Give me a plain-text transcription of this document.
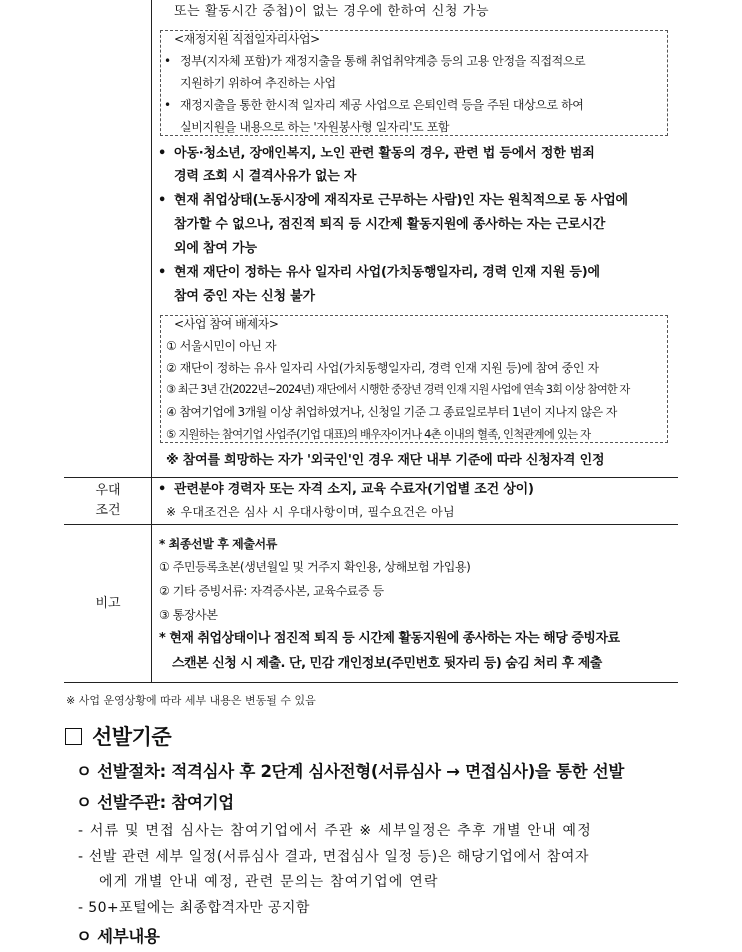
또는 활동시간 중첩)이 없는 경우에 한하여 신청 가능
<재정지원 직접일자리사업>
• 정부(지자체 포함)가 재정지출을 통해 취업취약계층 등의 고용 안정을 직접적으로
지원하기 위하여 추진하는 사업
• 재정지출을 통한 한시적 일자리 제공 사업으로 은퇴인력 등을 주된 대상으로 하여
실비지원을 내용으로 하는 '자원봉사형 일자리'도 포함
• 아동·청소년, 장애인복지, 노인 관련 활동의 경우, 관련 법 등에서 정한 범죄
경력 조회 시 결격사유가 없는 자
• 현재 취업상태(노동시장에 재직자로 근무하는 사람)인 자는 원칙적으로 동 사업에
참가할 수 없으나, 점진적 퇴직 등 시간제 활동지원에 종사하는 자는 근로시간
외에 참여 가능
• 현재 재단이 정하는 유사 일자리 사업(가치동행일자리, 경력 인재 지원 등)에
참여 중인 자는 신청 불가
<사업 참여 배제자>
① 서울시민이 아닌 자
② 재단이 정하는 유사 일자리 사업(가치동행일자리, 경력 인재 지원 등)에 참여 중인 자
③ 최근 3년 간(2022년~2024년) 재단에서 시행한 중장년 경력 인재 지원 사업에 연속 3회 이상 참여한 자
④ 참여기업에 3개월 이상 취업하였거나, 신청일 기준 그 종료일로부터 1년이 지나지 않은 자
⑤ 지원하는 참여기업 사업주(기업 대표)의 배우자이거나 4촌 이내의 혈족, 인척관계에 있는 자
※ 참여를 희망하는 자가 '외국인'인 경우 재단 내부 기준에 따라 신청자격 인정
우대
조건
• 관련분야 경력자 또는 자격 소지, 교육 수료자(기업별 조건 상이)
※ 우대조건은 심사 시 우대사항이며, 필수요건은 아님
비고
* 최종선발 후 제출서류
① 주민등록초본(생년월일 및 거주지 확인용, 상해보험 가입용)
② 기타 증빙서류: 자격증사본, 교육수료증 등
③ 통장사본
* 현재 취업상태이나 점진적 퇴직 등 시간제 활동지원에 종사하는 자는 해당 증빙자료
스캔본 신청 시 제출. 단, 민감 개인정보(주민번호 뒷자리 등) 숨김 처리 후 제출
※ 사업 운영상황에 따라 세부 내용은 변동될 수 있음
선발기준
ㅇ 선발절차: 적격심사 후 2단계 심사전형(서류심사 → 면접심사)을 통한 선발
ㅇ 선발주관: 참여기업
- 서류 및 면접 심사는 참여기업에서 주관 ※ 세부일정은 추후 개별 안내 예정
- 선발 관련 세부 일정(서류심사 결과, 면접심사 일정 등)은 해당기업에서 참여자
에게 개별 안내 예정, 관련 문의는 참여기업에 연락
- 50+포털에는 최종합격자만 공지함
ㅇ 세부내용
